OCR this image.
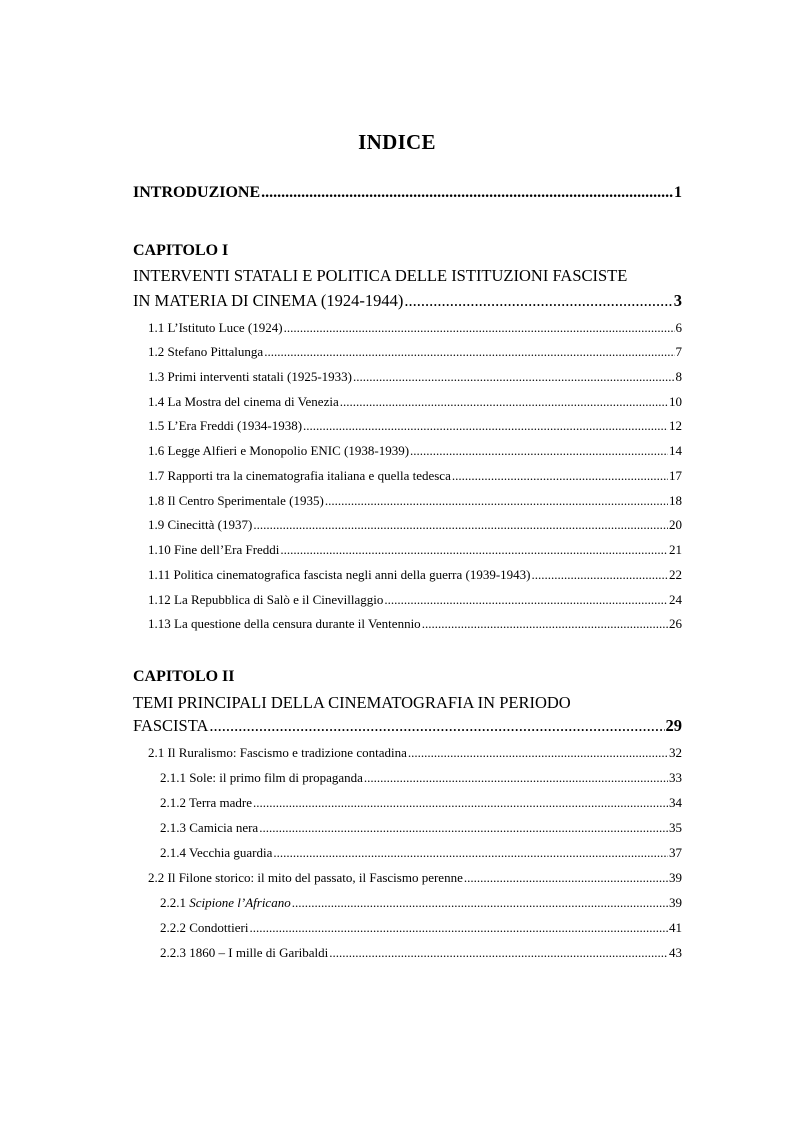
INDICE
INTRODUZIONE .....	1
CAPITOLO I
INTERVENTI STATALI E POLITICA DELLE ISTITUZIONI FASCISTE
IN MATERIA DI CINEMA (1924-1944) .....	3
1.1 L’Istituto Luce (1924) .....	6
1.2 Stefano Pittalunga .....	7
1.3 Primi interventi statali (1925-1933) .....	8
1.4 La Mostra del cinema di Venezia .....	10
1.5 L’Era Freddi (1934-1938) .....	12
1.6 Legge Alfieri e Monopolio ENIC (1938-1939) .....	14
1.7 Rapporti tra la cinematografia italiana e quella tedesca .....	17
1.8 Il Centro Sperimentale (1935) .....	18
1.9 Cinecittà (1937) .....	20
1.10 Fine dell’Era Freddi .....	21
1.11 Politica cinematografica fascista negli anni della guerra (1939-1943) .....	22
1.12 La Repubblica di Salò e il Cinevillaggio .....	24
1.13 La questione della censura durante il Ventennio .....	26
CAPITOLO II
TEMI PRINCIPALI DELLA CINEMATOGRAFIA IN PERIODO
FASCISTA .....	29
2.1 Il Ruralismo: Fascismo e tradizione contadina .....	32
2.1.1 Sole: il primo film di propaganda .....	33
2.1.2 Terra madre .....	34
2.1.3 Camicia nera .....	35
2.1.4 Vecchia guardia .....	37
2.2 Il Filone storico: il mito del passato, il Fascismo perenne .....	39
2.2.1 Scipione l’Africano .....	39
2.2.2 Condottieri .....	41
2.2.3 1860 – I mille di Garibaldi .....	43
